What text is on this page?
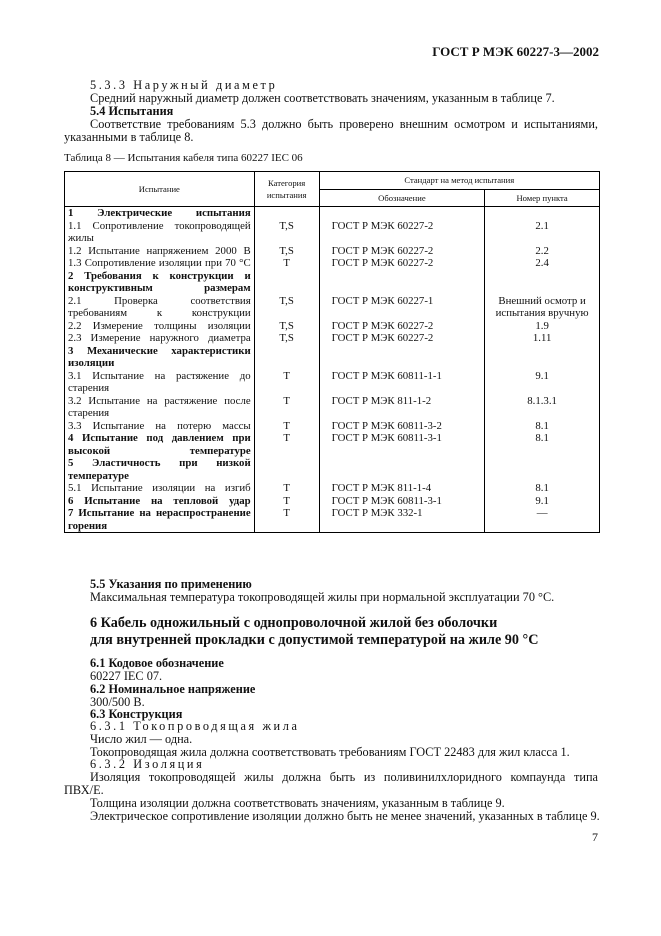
ГОСТ Р МЭК 60227-3—2002
5.3.3 Наружный диаметр
Средний наружный диаметр должен соответствовать значениям, указанным в таблице 7.
5.4 Испытания
Соответствие требованиям 5.3 должно быть проверено внешним осмотром и испытаниями,
указанными в таблице 8.
Таблица 8 — Испытания кабеля типа 60227 IEC 06
Испытание	Категория испытания	Стандарт на метод испытания	
		Обозначение	Номер пункта
1 Электрические испытания			
1.1 Сопротивление токопроводящей жилы	T,S	ГОСТ Р МЭК 60227-2	2.1
1.2 Испытание напряжением 2000 В	T,S	ГОСТ Р МЭК 60227-2	2.2
1.3 Сопротивление изоляции при 70 °С	T	ГОСТ Р МЭК 60227-2	2.4
2 Требования к конструкции и конструктивным размерам			
2.1 Проверка соответствия требованиям к конструкции	T,S	ГОСТ Р МЭК 60227-1	Внешний осмотр и испытания вручную
2.2 Измерение толщины изоляции	T,S	ГОСТ Р МЭК 60227-2	1.9
2.3 Измерение наружного диаметра	T,S	ГОСТ Р МЭК 60227-2	1.11
3 Механические характеристики изоляции			
3.1 Испытание на растяжение до старения	T	ГОСТ Р МЭК 60811-1-1	9.1
3.2 Испытание на растяжение после старения	T	ГОСТ Р МЭК 811-1-2	8.1.3.1
3.3 Испытание на потерю массы	T	ГОСТ Р МЭК 60811-3-2	8.1
4 Испытание под давлением при высокой температуре	T	ГОСТ Р МЭК 60811-3-1	8.1
5 Эластичность при низкой температуре			
5.1 Испытание изоляции на изгиб	T	ГОСТ Р МЭК 811-1-4	8.1
6 Испытание на тепловой удар	T	ГОСТ Р МЭК 60811-3-1	9.1
7 Испытание на нераспространение горения	T	ГОСТ Р МЭК 332-1	—
5.5 Указания по применению
Максимальная температура токопроводящей жилы при нормальной эксплуатации 70 °С.
6 Кабель одножильный с однопроволочной жилой без оболочки
для внутренней прокладки с допустимой температурой на жиле 90 °С
6.1 Кодовое обозначение
60227 IEC 07.
6.2 Номинальное напряжение
300/500 В.
6.3 Конструкция
6.3.1 Токопроводящая жила
Число жил — одна.
Токопроводящая жила должна соответствовать требованиям ГОСТ 22483 для жил класса 1.
6.3.2 Изоляция
Изоляция токопроводящей жилы должна быть из поливинилхлоридного компаунда типа
ПВХ/Е.
Толщина изоляции должна соответствовать значениям, указанным в таблице 9.
Электрическое сопротивление изоляции должно быть не менее значений, указанных в таблице 9.
7
